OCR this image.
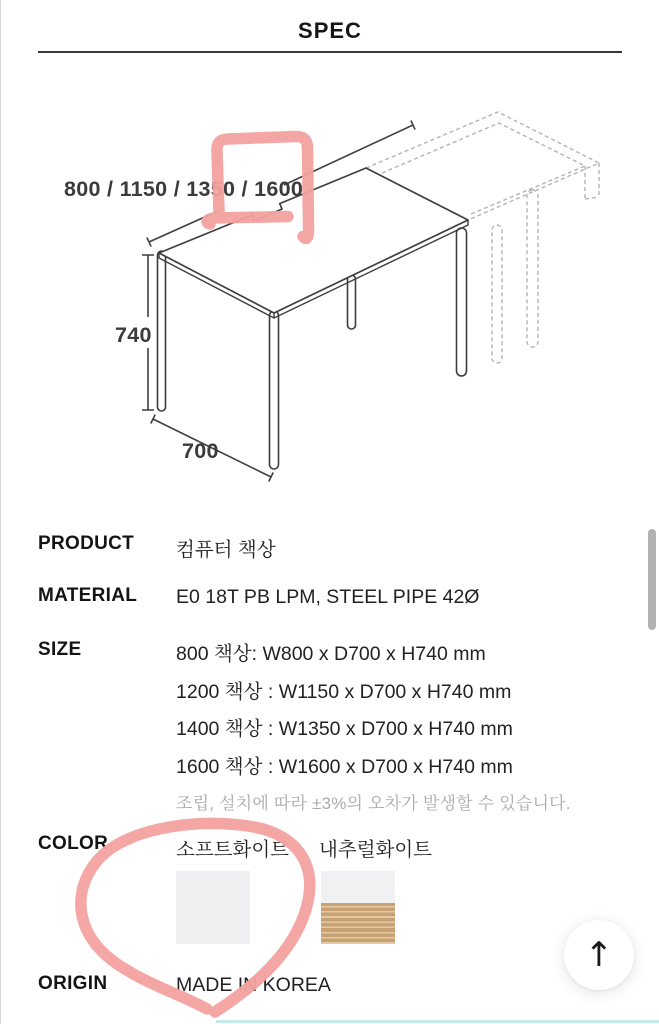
SPEC
800 / 1150 / 1350 / 1600
740
700
PRODUCT 컴퓨터 책상
MATERIAL E0 18T PB LPM, STEEL PIPE 42Ø
SIZE	800 책상: W800 x D700 x H740 mm
1200 책상 : W1150 x D700 x H740 mm
1400 책상 : W1350 x D700 x H740 mm
1600 책상 : W1600 x D700 x H740 mm
조립, 설치에 따라 ±3%의 오차가 발생할 수 있습니다.
COLOR	소프트화이트 내추럴화이트
ORIGIN	MADE IN KOREA
↑
